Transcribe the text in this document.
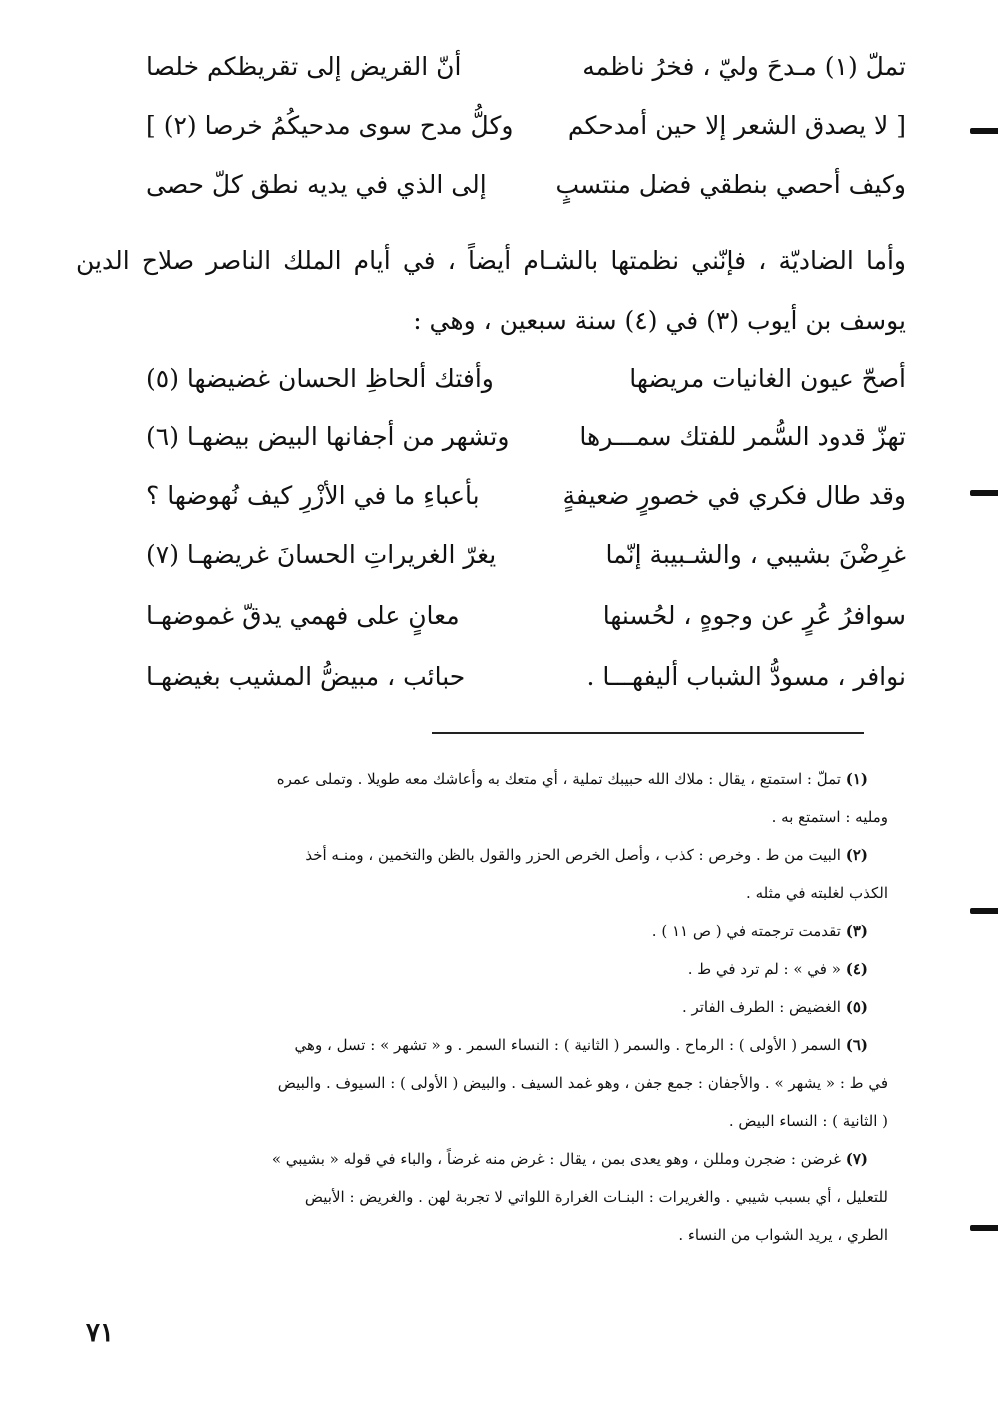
تملّ (١) مـدحَ وليّ ، فخرُ ناظمه
أنّ القريض إلى تقريظكم خلصا
[ لا يصدق الشعر إلا حين أمدحكم
وكلُّ مدح سوى مدحيكُمُ خرصا (٢) ]
وكيف أحصي بنطقي فضل منتسبٍ
إلى الذي في يديه نطق كلّ حصى
وأما الضاديّة ، فإنّني نظمتها بالشـام أيضاً ، في أيام الملك الناصر صلاح الدين
يوسف بن أيوب (٣) في (٤) سنة سبعين ، وهي :
أصحّ عيون الغانيات مريضها
وأفتك ألحاظِ الحسان غضيضها (٥)
تهزّ قدود السُّمر للفتك سمـــرها
وتشهر من أجفانها البيض بيضهـا (٦)
وقد طال فكري في خصورٍ ضعيفةٍ
بأعباءِ ما في الأزْرِ كيف نُهوضها ؟
غرِضْنَ بشيبي ، والشـبيبة إنّما
يغرّ الغريراتِ الحسانَ غريضهـا (٧)
سوافرُ عُرٍ عن وجوهٍ ، لحُسنها
معانٍ على فهمي يدقّ غموضهـا
نوافر ، مسودُّ الشباب أليفهـــا .
حبائب ، مبيضُّ المشيب بغيضهـا
(١) تملّ : استمتع ، يقال : ملاك الله حبيبك تملية ، أي متعك به وأعاشك معه طويلا . وتملى عمره
ومليه : استمتع به .
(٢) البيت من ط . وخرص : كذب ، وأصل الخرص الحزر والقول بالظن والتخمين ، ومنـه أخذ
الكذب لغلبته في مثله .
(٣) تقدمت ترجمته في ( ص ١١ ) .
(٤) « في » : لم ترد في ط .
(٥) الغضيض : الطرف الفاتر .
(٦) السمر ( الأولى ) : الرماح . والسمر ( الثانية ) : النساء السمر . و « تشهر » : تسل ، وهي
في ط : « يشهر » . والأجفان : جمع جفن ، وهو غمد السيف . والبيض ( الأولى ) : السيوف . والبيض
( الثانية ) : النساء البيض .
(٧) غرضن : ضجرن ومللن ، وهو يعدى بمن ، يقال : غرض منه غرضاً ، والباء في قوله « بشيبي »
للتعليل ، أي بسبب شيبي . والغريرات : البنـات الغرارة اللواتي لا تجربة لهن . والغريض : الأبيض
الطري ، يريد الشواب من النساء .
٧١
